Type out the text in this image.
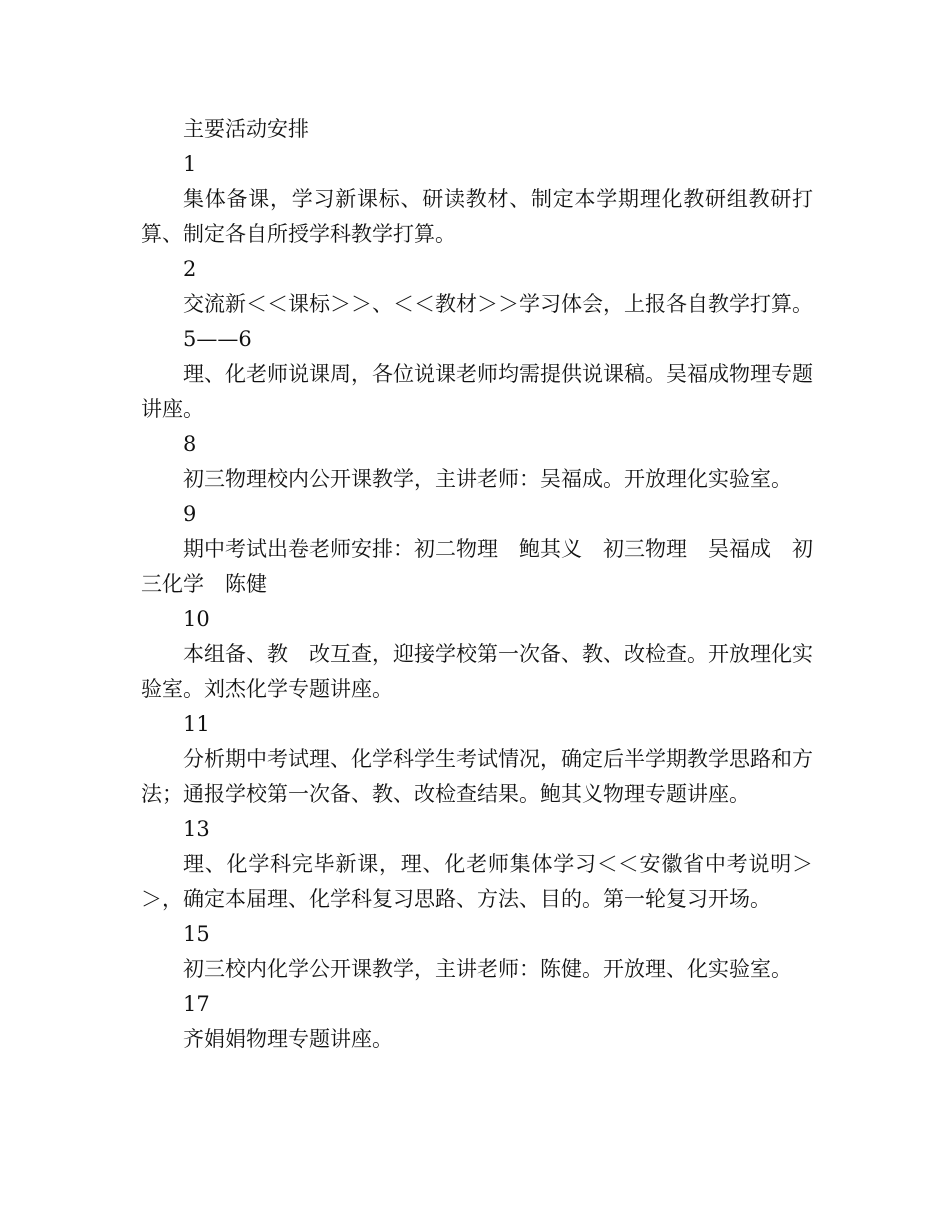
主要活动安排

1

集体备课，学习新课标、研读教材、制定本学期理化教研组教研打算、制定各自所授学科教学打算。

2

交流新＜＜课标＞＞、＜＜教材＞＞学习体会，上报各自教学打算。

5——6

理、化老师说课周，各位说课老师均需提供说课稿。吴福成物理专题讲座。

8

初三物理校内公开课教学，主讲老师：吴福成。开放理化实验室。

9

期中考试出卷老师安排：初二物理　鲍其义　初三物理　吴福成　初三化学　陈健

10

本组备、教　改互查，迎接学校第一次备、教、改检查。开放理化实验室。刘杰化学专题讲座。

11

分析期中考试理、化学科学生考试情况，确定后半学期教学思路和方法；通报学校第一次备、教、改检查结果。鲍其义物理专题讲座。

13

理、化学科完毕新课，理、化老师集体学习＜＜安徽省中考说明＞＞，确定本届理、化学科复习思路、方法、目的。第一轮复习开场。

15

初三校内化学公开课教学，主讲老师：陈健。开放理、化实验室。

17

齐娟娟物理专题讲座。
